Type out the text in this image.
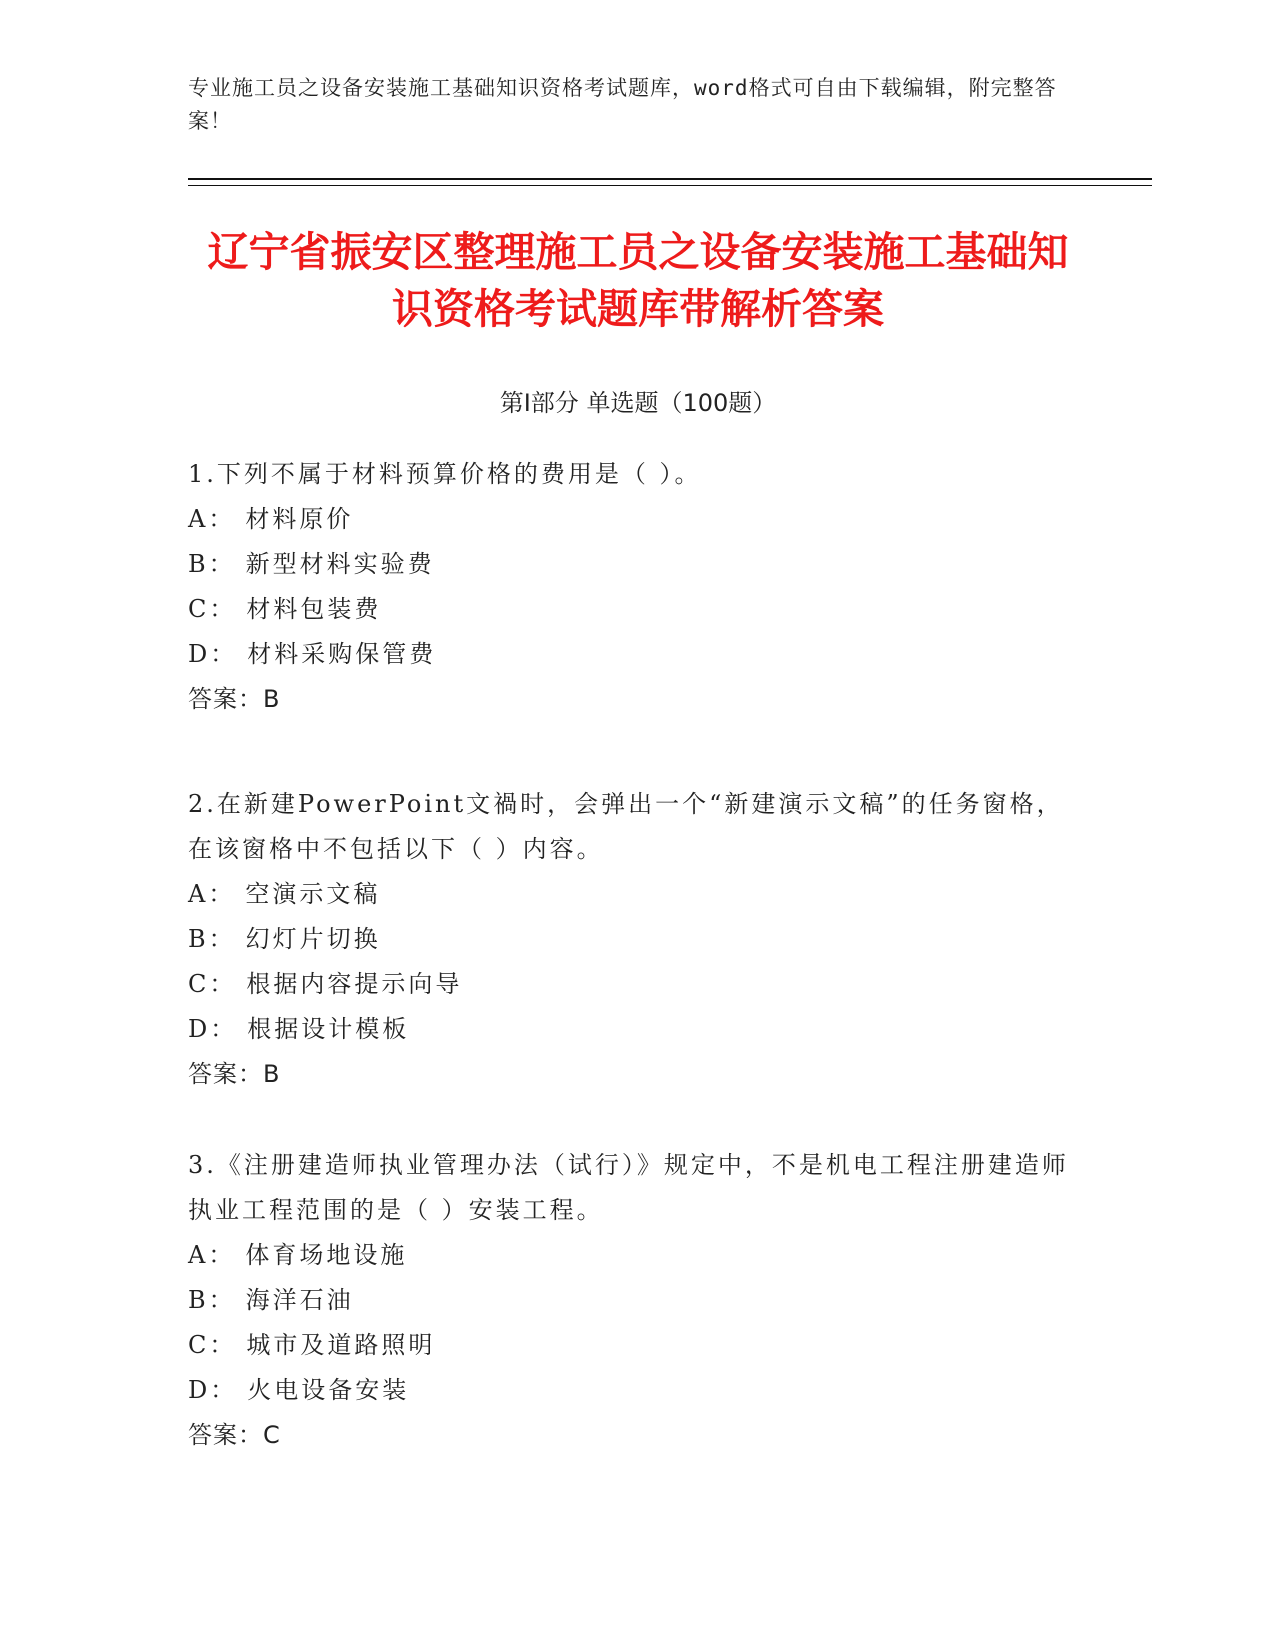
专业施工员之设备安装施工基础知识资格考试题库，word格式可自由下载编辑，附完整答案！
辽宁省振安区整理施工员之设备安装施工基础知识资格考试题库带解析答案
第Ⅰ部分 单选题（100题）

1.下列不属于材料预算价格的费用是（ ）。

A： 材料原价

B： 新型材料实验费

C： 材料包装费

D： 材料采购保管费

答案：B

2.在新建PowerPoint文禍时，会弹出一个“新建演示文稿”的任务窗格，在该窗格中不包括以下（ ）内容。

A： 空演示文稿

B： 幻灯片切换

C： 根据内容提示向导

D： 根据设计模板

答案：B

3.《注册建造师执业管理办法（试行）》规定中，不是机电工程注册建造师执业工程范围的是（ ）安装工程。

A： 体育场地设施

B： 海洋石油

C： 城市及道路照明

D： 火电设备安装

答案：C
